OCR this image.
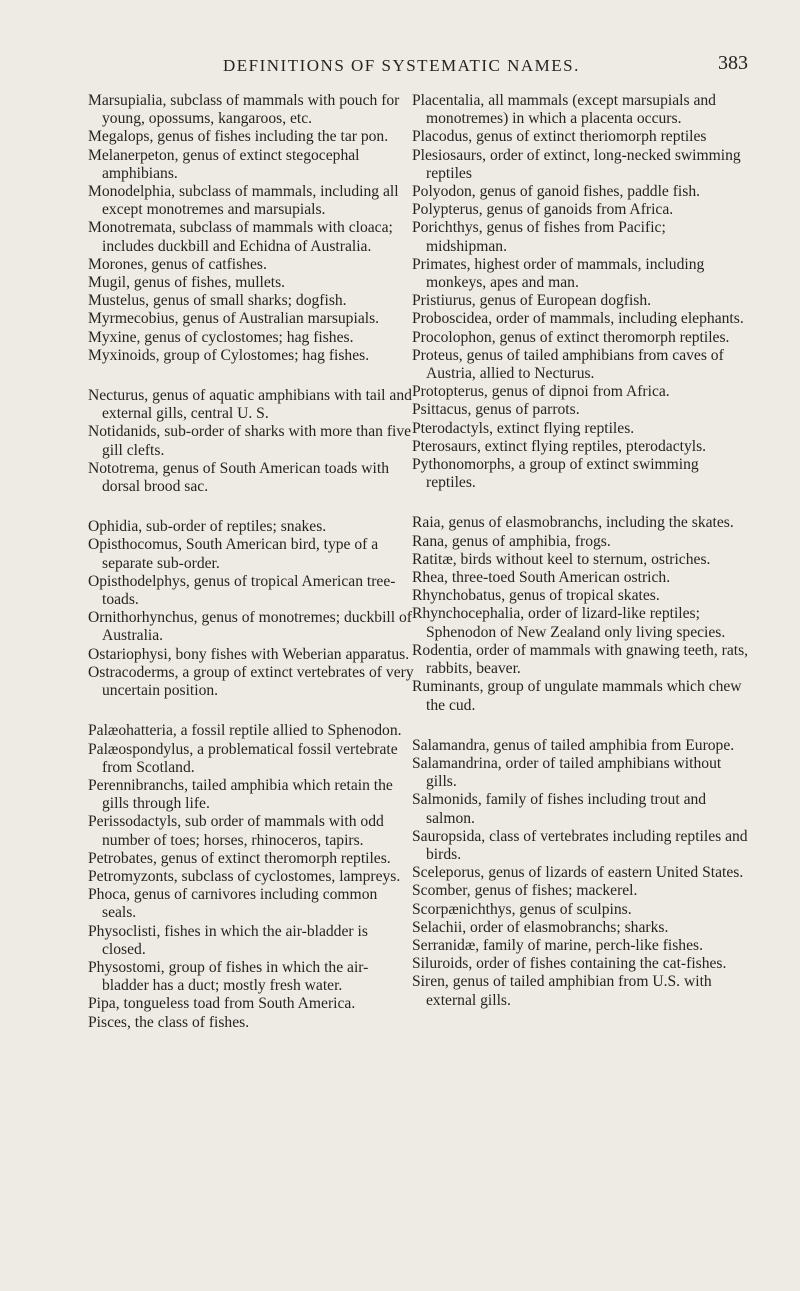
DEFINITIONS OF SYSTEMATIC NAMES.	383

Marsupialia, subclass of mammals with pouch for young, opossums, kangaroos, etc.

Megalops, genus of fishes including the tar pon.

Melanerpeton, genus of extinct stegocephal amphibians.

Monodelphia, subclass of mammals, including all except monotremes and marsupials.

Monotremata, subclass of mammals with cloaca; includes duckbill and Echidna of Australia.

Morones, genus of catfishes.

Mugil, genus of fishes, mullets.

Mustelus, genus of small sharks; dogfish.

Myrmecobius, genus of Australian marsupials.

Myxine, genus of cyclostomes; hag fishes.

Myxinoids, group of Cylostomes; hag fishes.

Necturus, genus of aquatic amphibians with tail and external gills, central U. S.

Notidanids, sub-order of sharks with more than five gill clefts.

Nototrema, genus of South American toads with dorsal brood sac.

Ophidia, sub-order of reptiles; snakes.

Opisthocomus, South American bird, type of a separate sub-order.

Opisthodelphys, genus of tropical American tree-toads.

Ornithorhynchus, genus of monotremes; duckbill of Australia.

Ostariophysi, bony fishes with Weberian apparatus.

Ostracoderms, a group of extinct vertebrates of very uncertain position.

Palæohatteria, a fossil reptile allied to Sphenodon.

Palæospondylus, a problematical fossil vertebrate from Scotland.

Perennibranchs, tailed amphibia which retain the gills through life.

Perissodactyls, sub order of mammals with odd number of toes; horses, rhinoceros, tapirs.

Petrobates, genus of extinct theromorph reptiles.

Petromyzonts, subclass of cyclostomes, lampreys.

Phoca, genus of carnivores including common seals.

Physoclisti, fishes in which the air-bladder is closed.

Physostomi, group of fishes in which the air-bladder has a duct; mostly fresh water.

Pipa, tongueless toad from South America.

Pisces, the class of fishes.

Placentalia, all mammals (except marsupials and monotremes) in which a placenta occurs.

Placodus, genus of extinct theriomorph reptiles

Plesiosaurs, order of extinct, long-necked swimming reptiles

Polyodon, genus of ganoid fishes, paddle fish.

Polypterus, genus of ganoids from Africa.

Porichthys, genus of fishes from Pacific; midshipman.

Primates, highest order of mammals, including monkeys, apes and man.

Pristiurus, genus of European dogfish.

Proboscidea, order of mammals, including elephants.

Procolophon, genus of extinct theromorph reptiles.

Proteus, genus of tailed amphibians from caves of Austria, allied to Necturus.

Protopterus, genus of dipnoi from Africa.

Psittacus, genus of parrots.

Pterodactyls, extinct flying reptiles.

Pterosaurs, extinct flying reptiles, pterodactyls.

Pythonomorphs, a group of extinct swimming reptiles.

Raia, genus of elasmobranchs, including the skates.

Rana, genus of amphibia, frogs.

Ratitæ, birds without keel to sternum, ostriches.

Rhea, three-toed South American ostrich.

Rhynchobatus, genus of tropical skates.

Rhynchocephalia, order of lizard-like reptiles; Sphenodon of New Zealand only living species.

Rodentia, order of mammals with gnawing teeth, rats, rabbits, beaver.

Ruminants, group of ungulate mammals which chew the cud.

Salamandra, genus of tailed amphibia from Europe.

Salamandrina, order of tailed amphibians without gills.

Salmonids, family of fishes including trout and salmon.

Sauropsida, class of vertebrates including reptiles and birds.

Sceleporus, genus of lizards of eastern United States.

Scomber, genus of fishes; mackerel.

Scorpænichthys, genus of sculpins.

Selachii, order of elasmobranchs; sharks.

Serranidæ, family of marine, perch-like fishes.

Siluroids, order of fishes containing the cat-fishes.

Siren, genus of tailed amphibian from U.S. with external gills.
